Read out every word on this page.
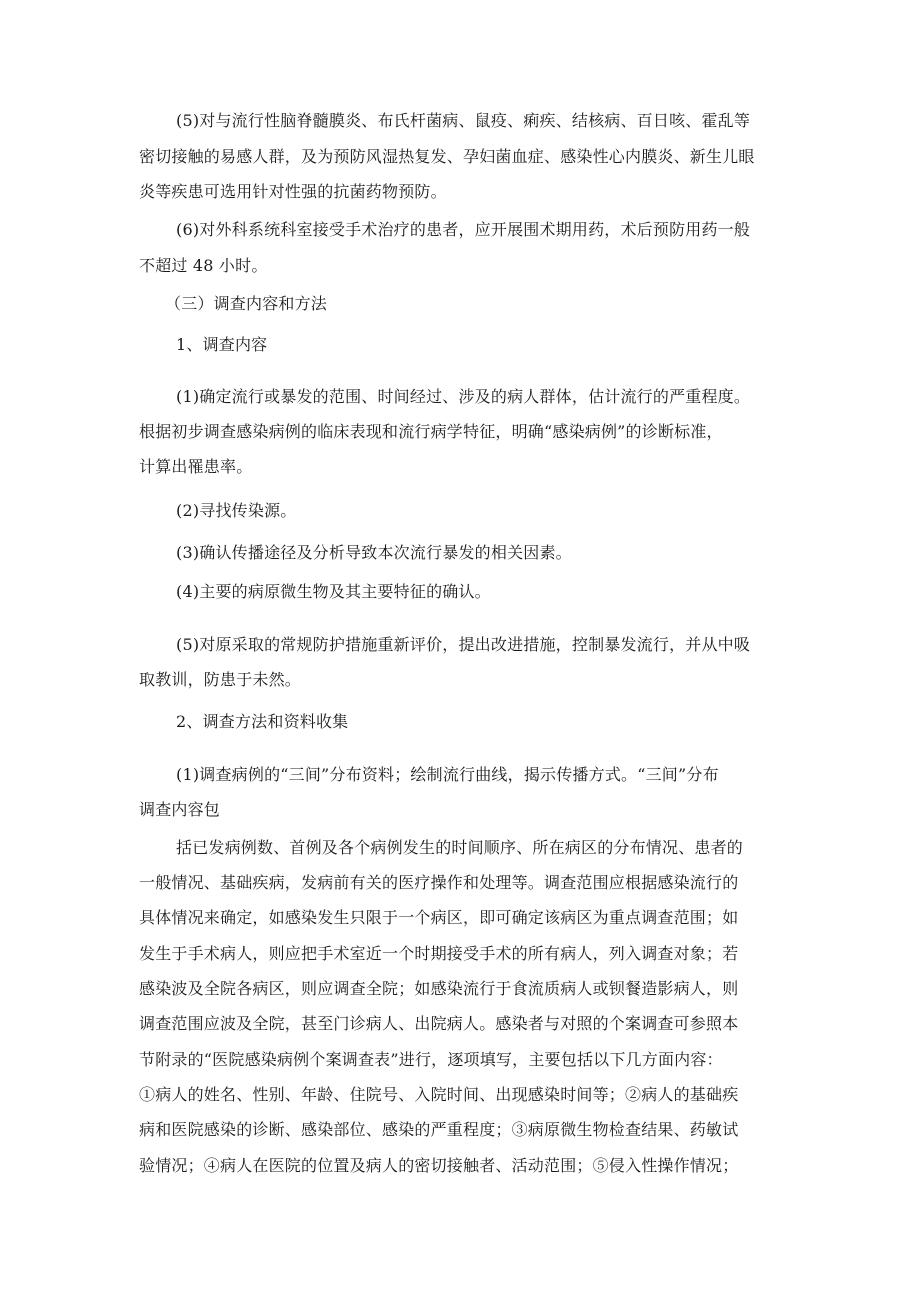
(5)对与流行性脑脊髓膜炎、布氏杆菌病、鼠疫、痢疾、结核病、百日咳、霍乱等
密切接触的易感人群，及为预防风湿热复发、孕妇菌血症、感染性心内膜炎、新生儿眼
炎等疾患可选用针对性强的抗菌药物预防。
(6)对外科系统科室接受手术治疗的患者，应开展围术期用药，术后预防用药一般
不超过 48 小时。
（三）调查内容和方法
1、调查内容
(1)确定流行或暴发的范围、时间经过、涉及的病人群体，估计流行的严重程度。
根据初步调查感染病例的临床表现和流行病学特征，明确“感染病例”的诊断标准，
计算出罹患率。
(2)寻找传染源。
(3)确认传播途径及分析导致本次流行暴发的相关因素。
(4)主要的病原微生物及其主要特征的确认。
(5)对原采取的常规防护措施重新评价，提出改进措施，控制暴发流行，并从中吸
取教训，防患于未然。
2、调查方法和资料收集
(1)调查病例的“三间”分布资料；绘制流行曲线，揭示传播方式。“三间”分布
调查内容包
括已发病例数、首例及各个病例发生的时间顺序、所在病区的分布情况、患者的
一般情况、基础疾病，发病前有关的医疗操作和处理等。调查范围应根据感染流行的
具体情况来确定，如感染发生只限于一个病区，即可确定该病区为重点调查范围；如
发生于手术病人，则应把手术室近一个时期接受手术的所有病人，列入调查对象；若
感染波及全院各病区，则应调查全院；如感染流行于食流质病人或钡餐造影病人，则
调查范围应波及全院，甚至门诊病人、出院病人。感染者与对照的个案调查可参照本
节附录的“医院感染病例个案调查表”进行，逐项填写，主要包括以下几方面内容：
①病人的姓名、性别、年龄、住院号、入院时间、出现感染时间等；②病人的基础疾
病和医院感染的诊断、感染部位、感染的严重程度；③病原微生物检查结果、药敏试
验情况；④病人在医院的位置及病人的密切接触者、活动范围；⑤侵入性操作情况；
